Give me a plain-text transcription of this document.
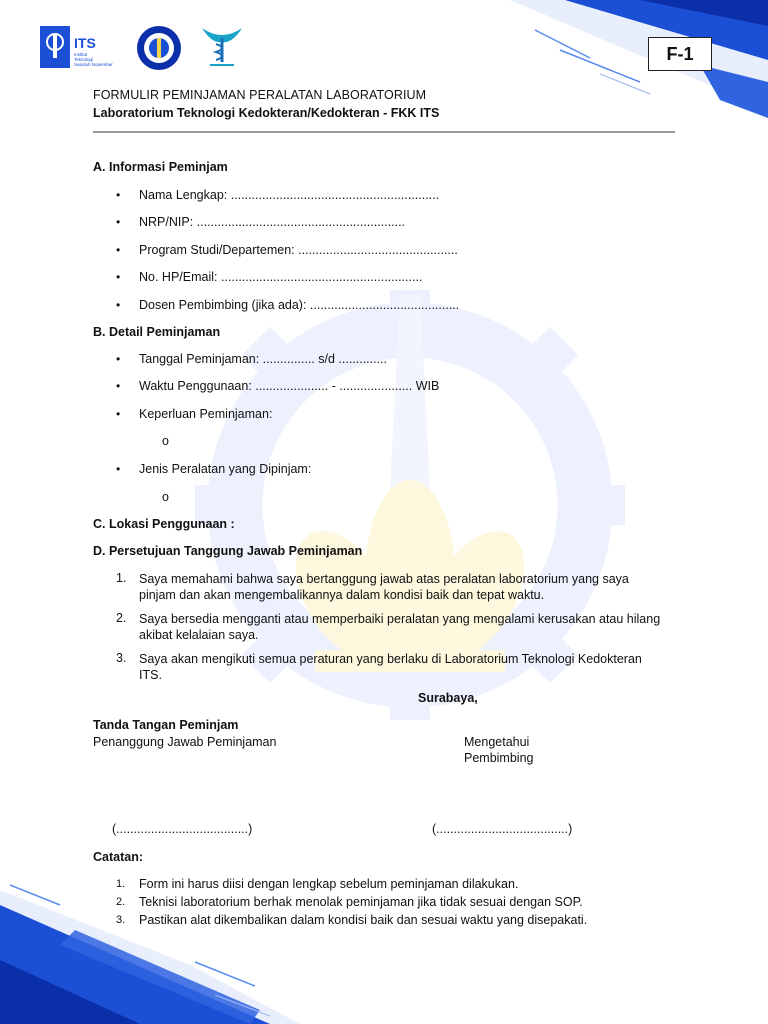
ITS
Institut
Teknologi
Sepuluh Nopember
F-1
FORMULIR PEMINJAMAN PERALATAN LABORATORIUM
Laboratorium Teknologi Kedokteran/Kedokteran - FKK ITS
A. Informasi Peminjam
• Nama Lengkap: ............................................................
• NRP/NIP: ............................................................
• Program Studi/Departemen: ..............................................
• No. HP/Email: ..........................................................
• Dosen Pembimbing (jika ada): ...........................................
B. Detail Peminjaman
• Tanggal Peminjaman: ............... s/d ..............
• Waktu Penggunaan: ..................... - ..................... WIB
• Keperluan Peminjaman:
o
• Jenis Peralatan yang Dipinjam:
o
C. Lokasi Penggunaan :
D. Persetujuan Tanggung Jawab Peminjaman
1. Saya memahami bahwa saya bertanggung jawab atas peralatan laboratorium yang saya
pinjam dan akan mengembalikannya dalam kondisi baik dan tepat waktu.
2. Saya bersedia mengganti atau memperbaiki peralatan yang mengalami kerusakan atau hilang
akibat kelalaian saya.
3. Saya akan mengikuti semua peraturan yang berlaku di Laboratorium Teknologi Kedokteran
ITS.
Surabaya,
Tanda Tangan Peminjam
Penanggung Jawab Peminjaman	Mengetahui
Pembimbing
(......................................)	(......................................)
Catatan:
1. Form ini harus diisi dengan lengkap sebelum peminjaman dilakukan.
2. Teknisi laboratorium berhak menolak peminjaman jika tidak sesuai dengan SOP.
3. Pastikan alat dikembalikan dalam kondisi baik dan sesuai waktu yang disepakati.
